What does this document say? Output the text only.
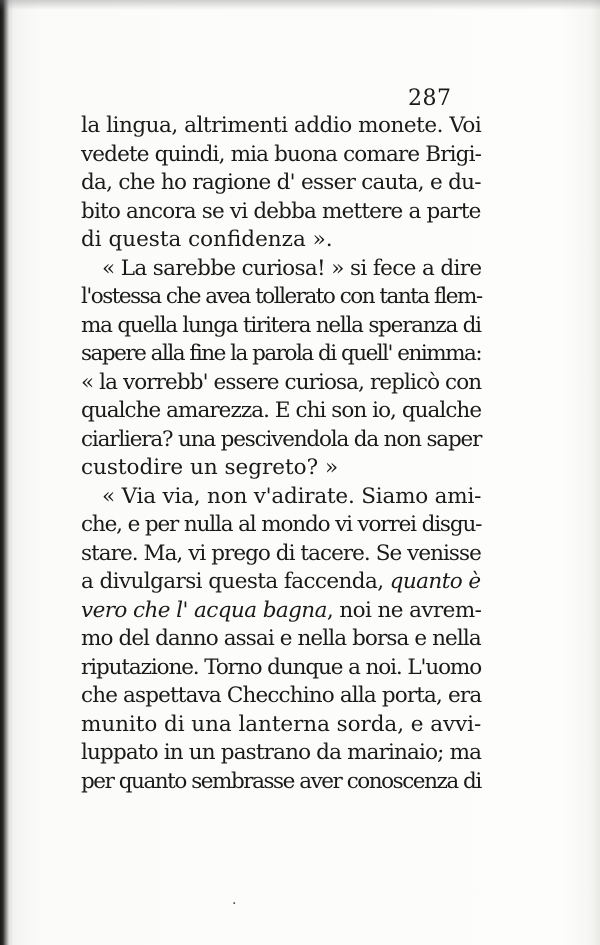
287
la lingua, altrimenti addio monete. Voi
vedete quindi, mia buona comare Brigi-
da, che ho ragione d' esser cauta, e du-
bito ancora se vi debba mettere a parte
di questa confidenza ».
« La sarebbe curiosa! » si fece a dire
l'ostessa che avea tollerato con tanta flem-
ma quella lunga tiritera nella speranza di
sapere alla fine la parola di quell' enimma:
« la vorrebb' essere curiosa, replicò con
qualche amarezza. E chi son io, qualche
ciarliera? una pescivendola da non saper
custodire un segreto? »
« Via via, non v'adirate. Siamo ami-
che, e per nulla al mondo vi vorrei disgu-
stare. Ma, vi prego di tacere. Se venisse
a divulgarsi questa faccenda, quanto è
vero che l' acqua bagna, noi ne avrem-
mo del danno assai e nella borsa e nella
riputazione. Torno dunque a noi. L'uomo
che aspettava Checchino alla porta, era
munito di una lanterna sorda, e avvi-
luppato in un pastrano da marinaio; ma
per quanto sembrasse aver conoscenza di
·
